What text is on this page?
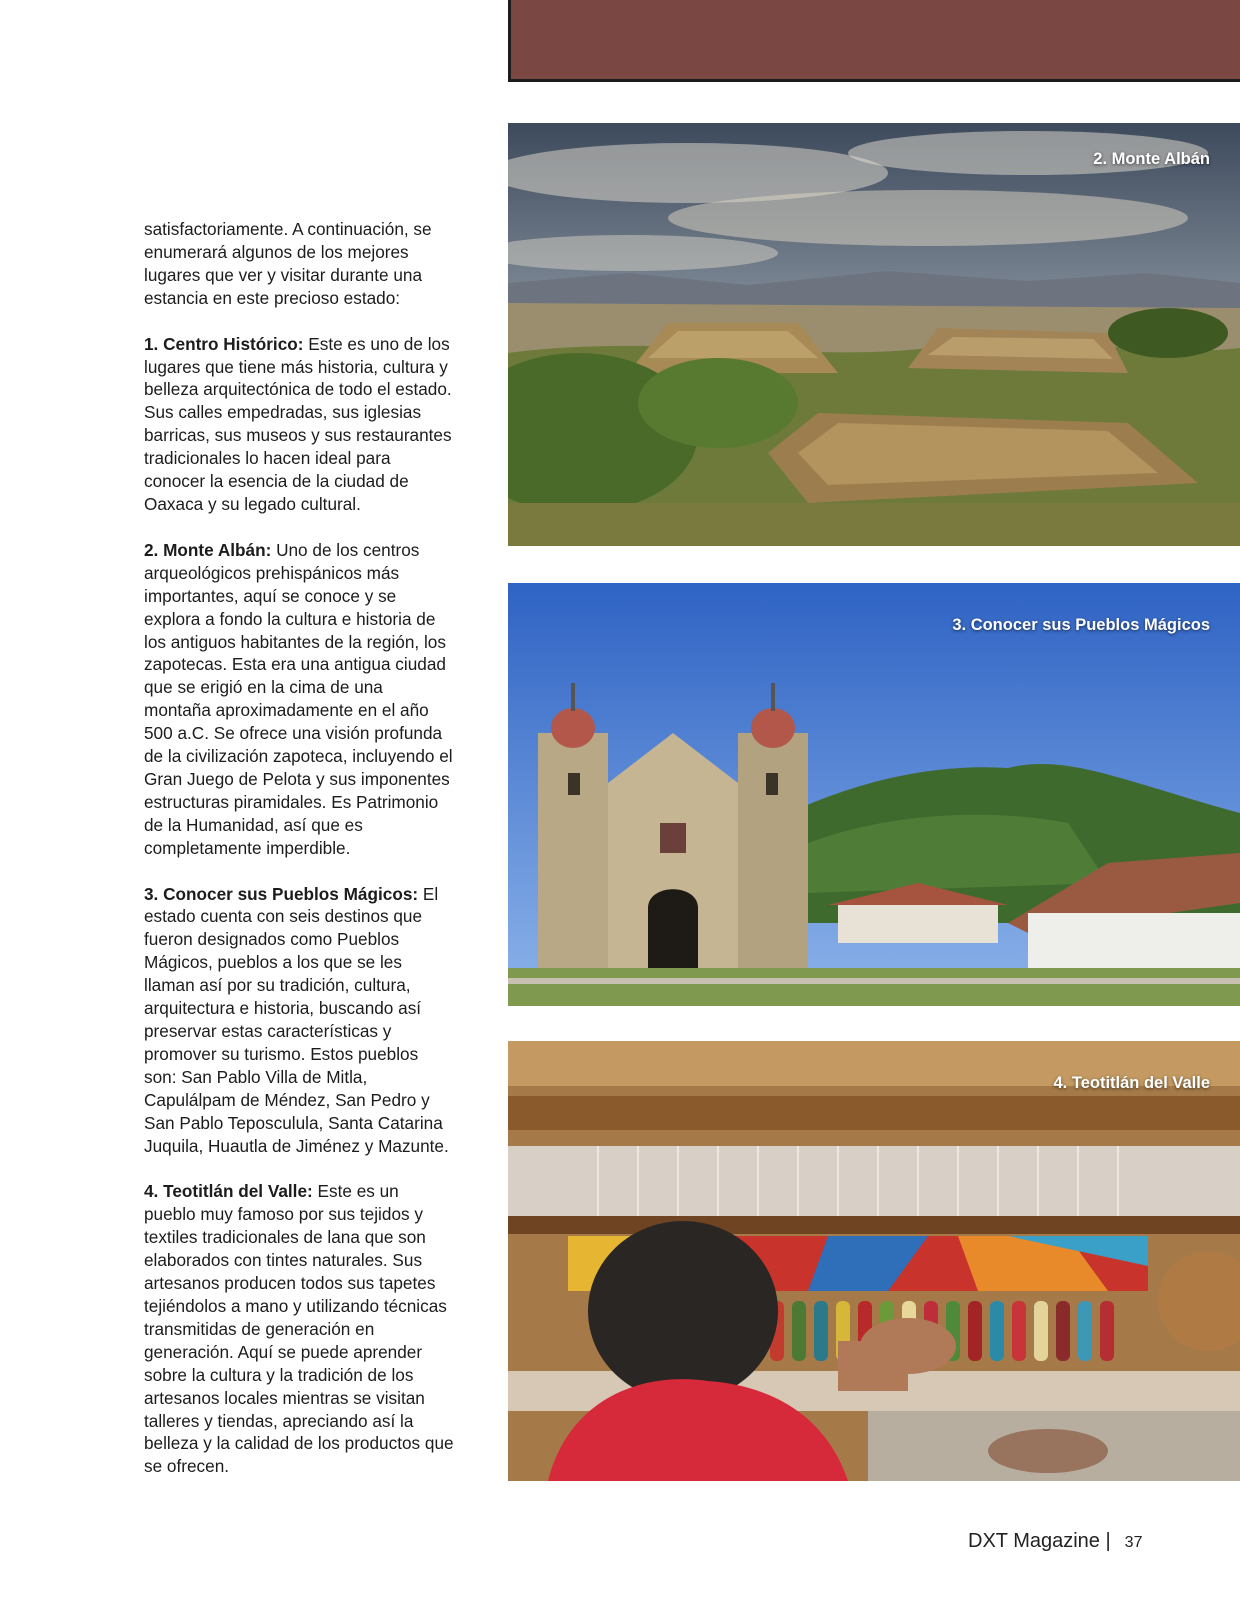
satisfactoriamente. A continuación, se enumerará algunos de los mejores lugares que ver y visitar durante una estancia en este precioso estado:

1. Centro Histórico: Este es uno de los lugares que tiene más historia, cultura y belleza arquitectónica de todo el estado. Sus calles empedradas, sus iglesias barricas, sus museos y sus restaurantes tradicionales lo hacen ideal para conocer la esencia de la ciudad de Oaxaca y su legado cultural.

2. Monte Albán: Uno de los centros arqueológicos prehispánicos más importantes, aquí se conoce y se explora a fondo la cultura e historia de los antiguos habitantes de la región, los zapotecas. Esta era una antigua ciudad que se erigió en la cima de una montaña aproximadamente en el año 500 a.C. Se ofrece una visión profunda de la civilización zapoteca, incluyendo el Gran Juego de Pelota y sus imponentes estructuras piramidales. Es Patrimonio de la Humanidad, así que es completamente imperdible.

3. Conocer sus Pueblos Mágicos: El estado cuenta con seis destinos que fueron designados como Pueblos Mágicos, pueblos a los que se les llaman así por su tradición, cultura, arquitectura e historia, buscando así preservar estas características y promover su turismo. Estos pueblos son: San Pablo Villa de Mitla, Capulálpam de Méndez, San Pedro y San Pablo Teposculula, Santa Catarina Juquila, Huautla de Jiménez y Mazunte.

4. Teotitlán del Valle: Este es un pueblo muy famoso por sus tejidos y textiles tradicionales de lana que son elaborados con tintes naturales. Sus artesanos producen todos sus tapetes tejiéndolos a mano y utilizando técnicas transmitidas de generación en generación. Aquí se puede aprender sobre la cultura y la tradición de los artesanos locales mientras se visitan talleres y tiendas, apreciando así la belleza y la calidad de los productos que se ofrecen.

2. Monte Albán
3. Conocer sus Pueblos Mágicos
4. Teotitlán del Valle
DXT Magazine | 37
